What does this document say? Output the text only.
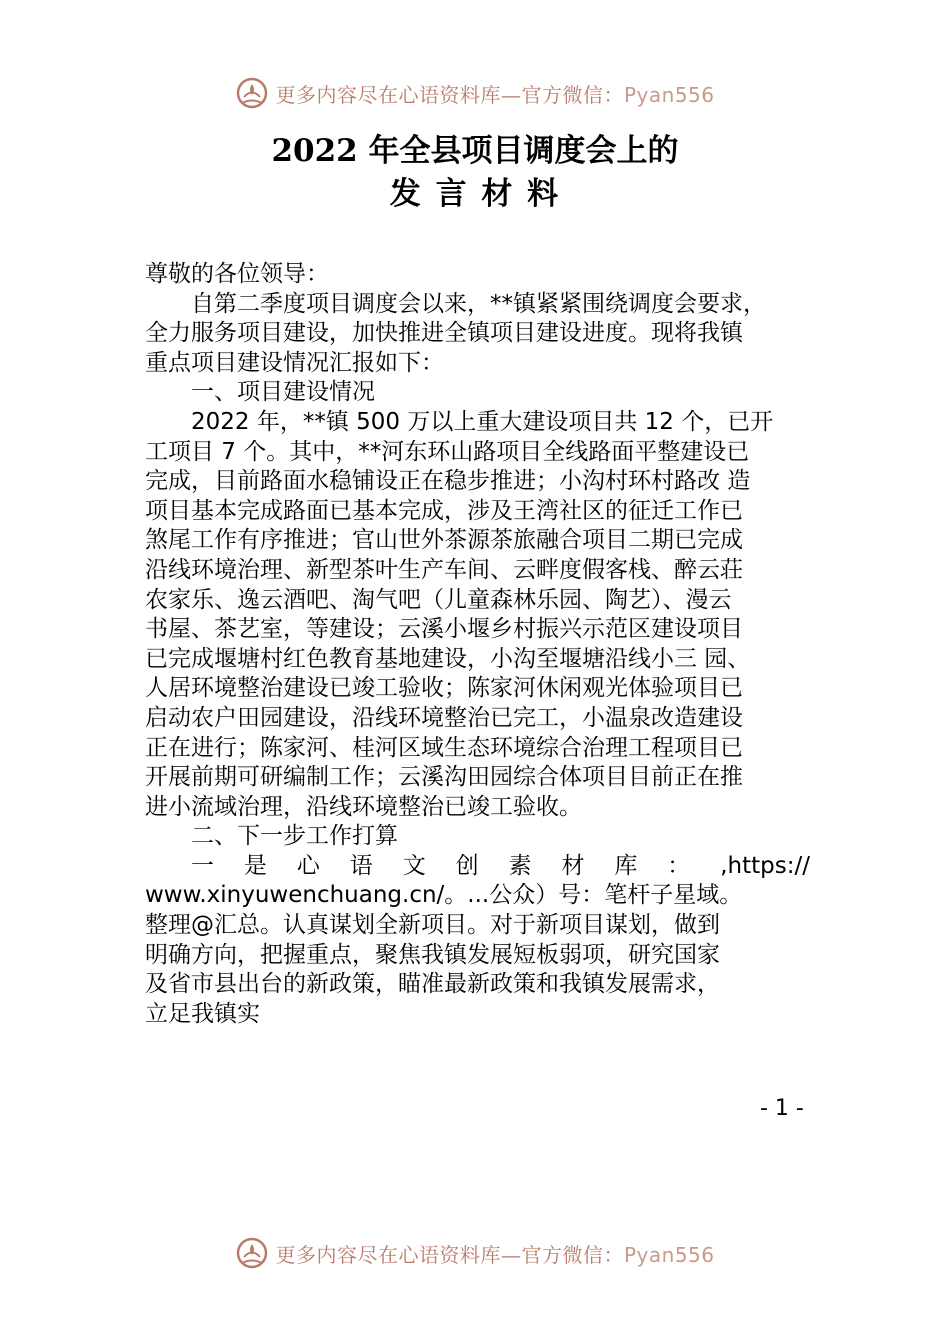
更多内容尽在心语资料库—官方微信：Pyan556
2022 年全县项目调度会上的
发 言 材 料
尊敬的各位领导：
自第二季度项目调度会以来，**镇紧紧围绕调度会要求，
全力服务项目建设，加快推进全镇项目建设进度。现将我镇
重点项目建设情况汇报如下：
一、项目建设情况
2022 年，**镇 500 万以上重大建设项目共 12 个，已开
工项目 7 个。其中，**河东环山路项目全线路面平整建设已
完成，目前路面水稳铺设正在稳步推进；小沟村环村路改 造
项目基本完成路面已基本完成，涉及王湾社区的征迁工作已
煞尾工作有序推进；官山世外茶源茶旅融合项目二期已完成
沿线环境治理、新型茶叶生产车间、云畔度假客栈、醉云荘
农家乐、逸云酒吧、淘气吧（儿童森林乐园、陶艺）、漫云
书屋、茶艺室，等建设；云溪小堰乡村振兴示范区建设项目
已完成堰塘村红色教育基地建设，小沟至堰塘沿线小三 园、
人居环境整治建设已竣工验收；陈家河休闲观光体验项目已
启动农户田园建设，沿线环境整治已完工，小温泉改造建设
正在进行；陈家河、桂河区域生态环境综合治理工程项目已
开展前期可研编制工作；云溪沟田园综合体项目目前正在推
进小流域治理，沿线环境整治已竣工验收。
二、下一步工作打算
一 是 心 语 文 创 素 材 库 ： ,https://
www.xinyuwenchuang.cn/。...公众）号：笔杆子星域。
整理@汇总。认真谋划全新项目。对于新项目谋划，做到
明确方向，把握重点，聚焦我镇发展短板弱项，研究国家
及省市县出台的新政策，瞄准最新政策和我镇发展需求，
立足我镇实
- 1 -
更多内容尽在心语资料库—官方微信：Pyan556
